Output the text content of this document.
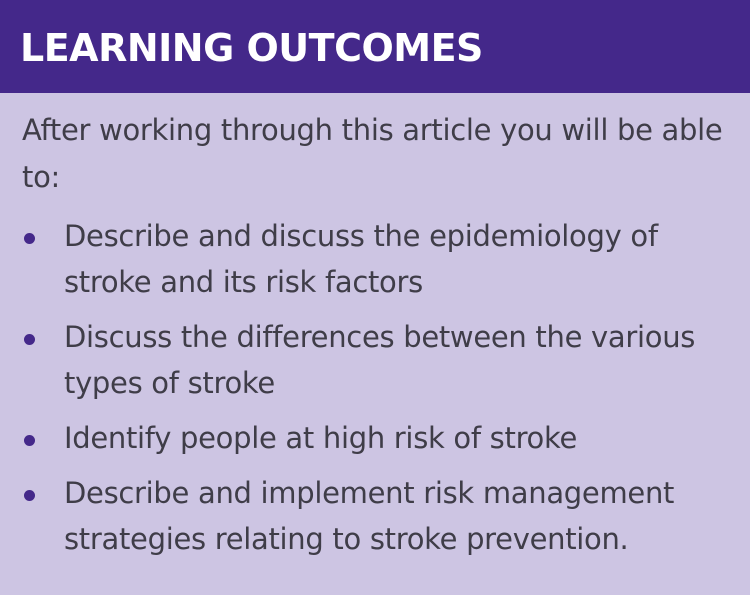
LEARNING OUTCOMES

After working through this article you will be able to:

Describe and discuss the epidemiology of stroke and its risk factors
Discuss the differences between the various types of stroke
Identify people at high risk of stroke
Describe and implement risk management strategies relating to stroke prevention.
